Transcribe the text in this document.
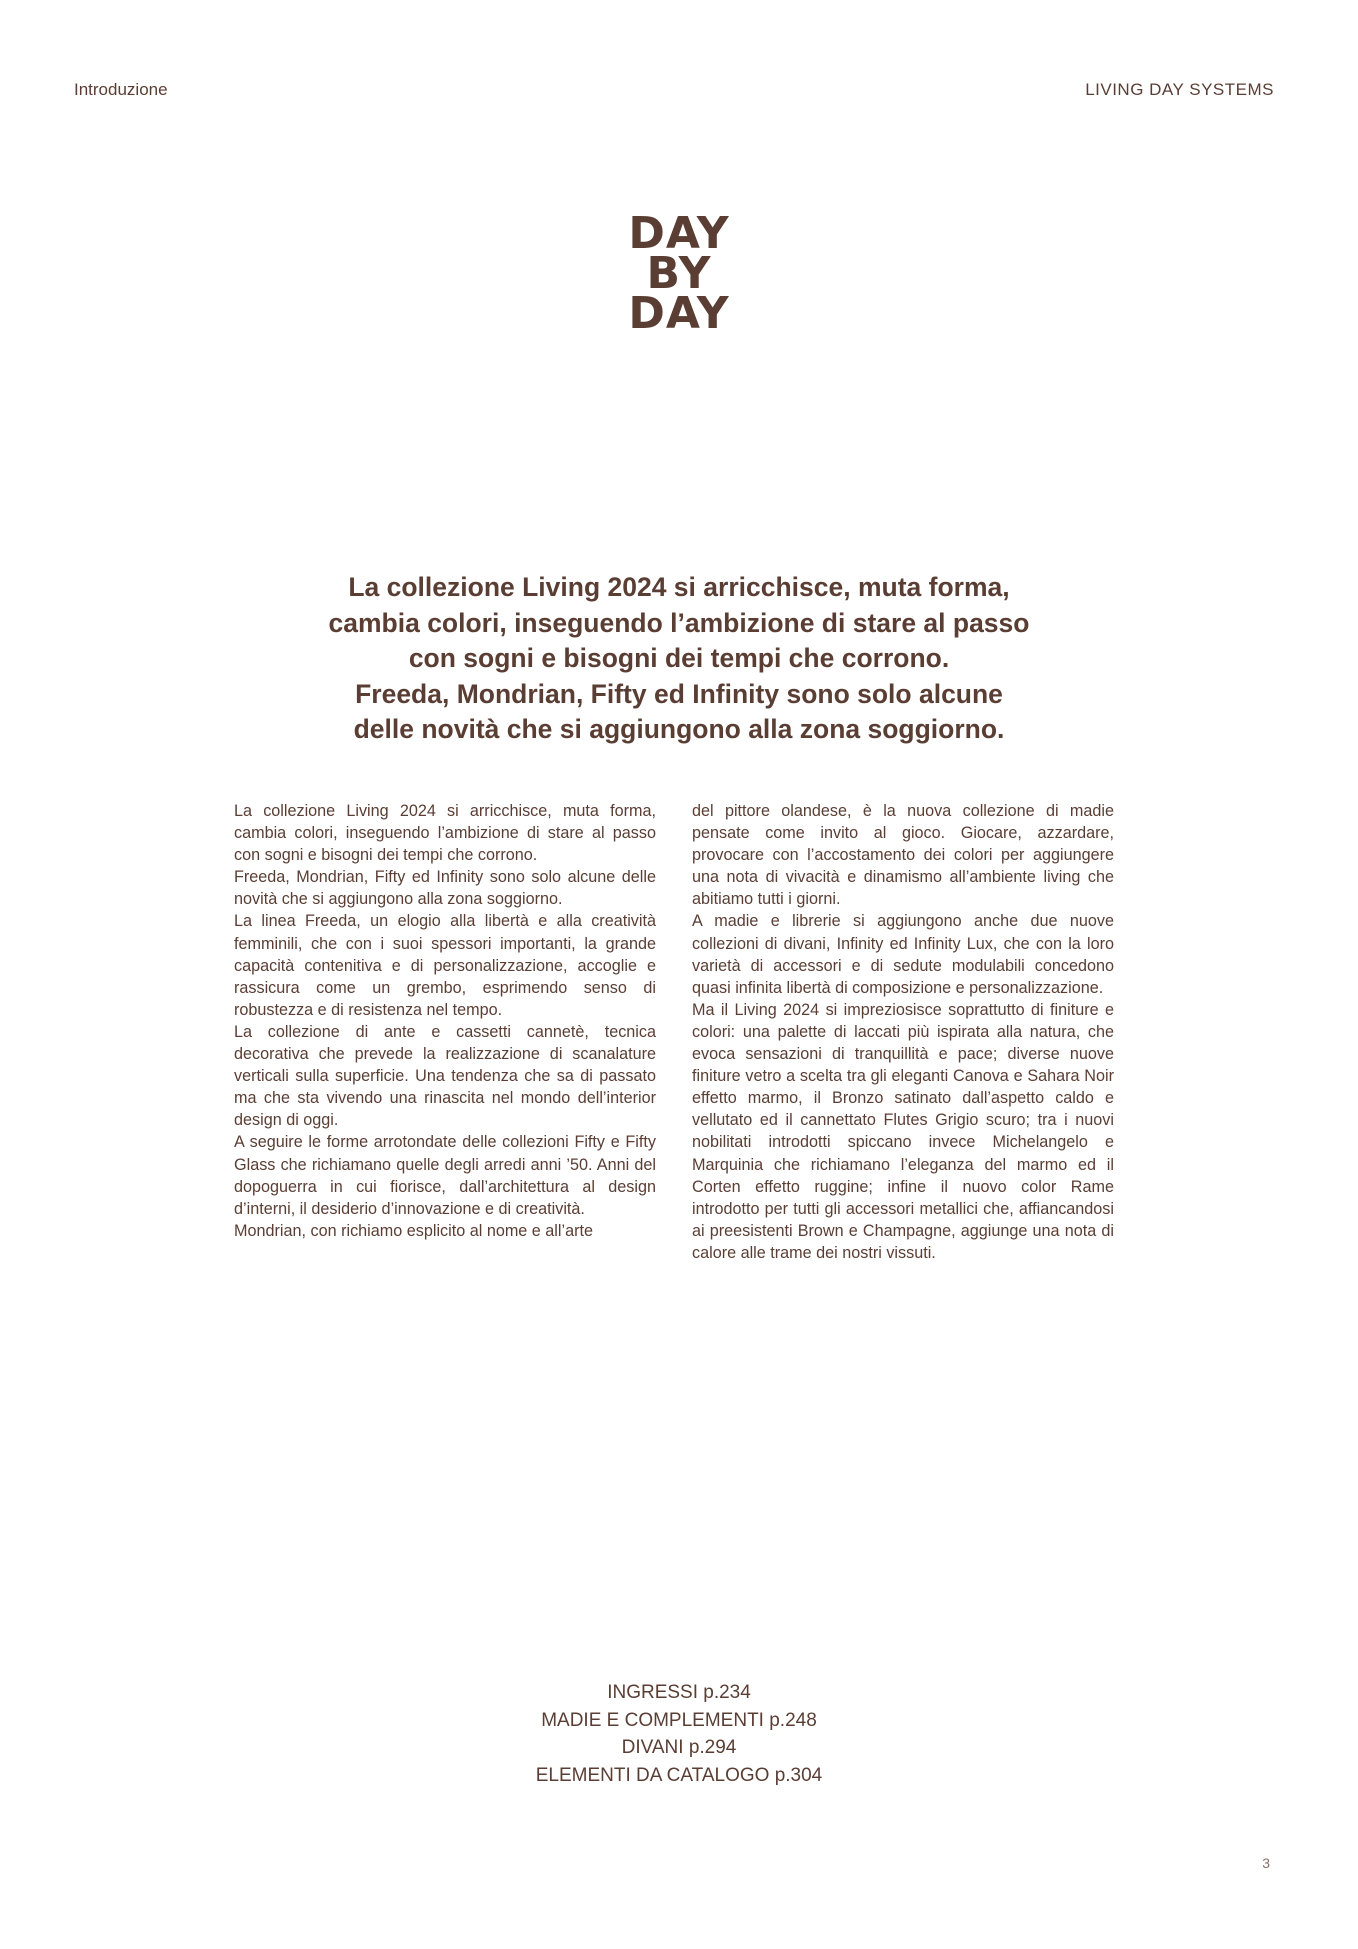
Introduzione	LIVING DAY SYSTEMS
DAY
BY
DAY

La collezione Living 2024 si arricchisce, muta forma,

cambia colori, inseguendo l’ambizione di stare al passo

con sogni e bisogni dei tempi che corrono.

Freeda, Mondrian, Fifty ed Infinity sono solo alcune

delle novità che si aggiungono alla zona soggiorno.

La collezione Living 2024 si arricchisce, muta forma, cambia colori, inseguendo l’ambizione di stare al passo con sogni e bisogni dei tempi che corrono.

Freeda, Mondrian, Fifty ed Infinity sono solo alcune delle novità che si aggiungono alla zona soggiorno.

La linea Freeda, un elogio alla libertà e alla creatività femminili, che con i suoi spessori importanti, la grande capacità contenitiva e di personalizzazione, accoglie e rassicura come un grembo, esprimendo senso di robustezza e di resistenza nel tempo.

La collezione di ante e cassetti cannetè, tecnica decorativa che prevede la realizzazione di scanalature verticali sulla superficie. Una tendenza che sa di passato ma che sta vivendo una rinascita nel mondo dell’interior design di oggi.

A seguire le forme arrotondate delle collezioni Fifty e Fifty Glass che richiamano quelle degli arredi anni ’50. Anni del dopoguerra in cui fiorisce, dall’architettura al design d’interni, il desiderio d’innovazione e di creatività.

Mondrian, con richiamo esplicito al nome e all’arte

del pittore olandese, è la nuova collezione di madie pensate come invito al gioco. Giocare, azzardare, provocare con l’accostamento dei colori per aggiungere una nota di vivacità e dinamismo all’ambiente living che abitiamo tutti i giorni.

A madie e librerie si aggiungono anche due nuove collezioni di divani, Infinity ed Infinity Lux, che con la loro varietà di accessori e di sedute modulabili concedono quasi infinita libertà di composizione e personalizzazione.

Ma il Living 2024 si impreziosisce soprattutto di finiture e colori: una palette di laccati più ispirata alla natura, che evoca sensazioni di tranquillità e pace; diverse nuove finiture vetro a scelta tra gli eleganti Canova e Sahara Noir effetto marmo, il Bronzo satinato dall’aspetto caldo e vellutato ed il cannettato Flutes Grigio scuro; tra i nuovi nobilitati introdotti spiccano invece Michelangelo e Marquinia che richiamano l’eleganza del marmo ed il Corten effetto ruggine; infine il nuovo color Rame introdotto per tutti gli accessori metallici che, affiancandosi ai preesistenti Brown e Champagne, aggiunge una nota di calore alle trame dei nostri vissuti.

INGRESSI p.234
MADIE E COMPLEMENTI p.248
DIVANI p.294
ELEMENTI DA CATALOGO p.304
3
